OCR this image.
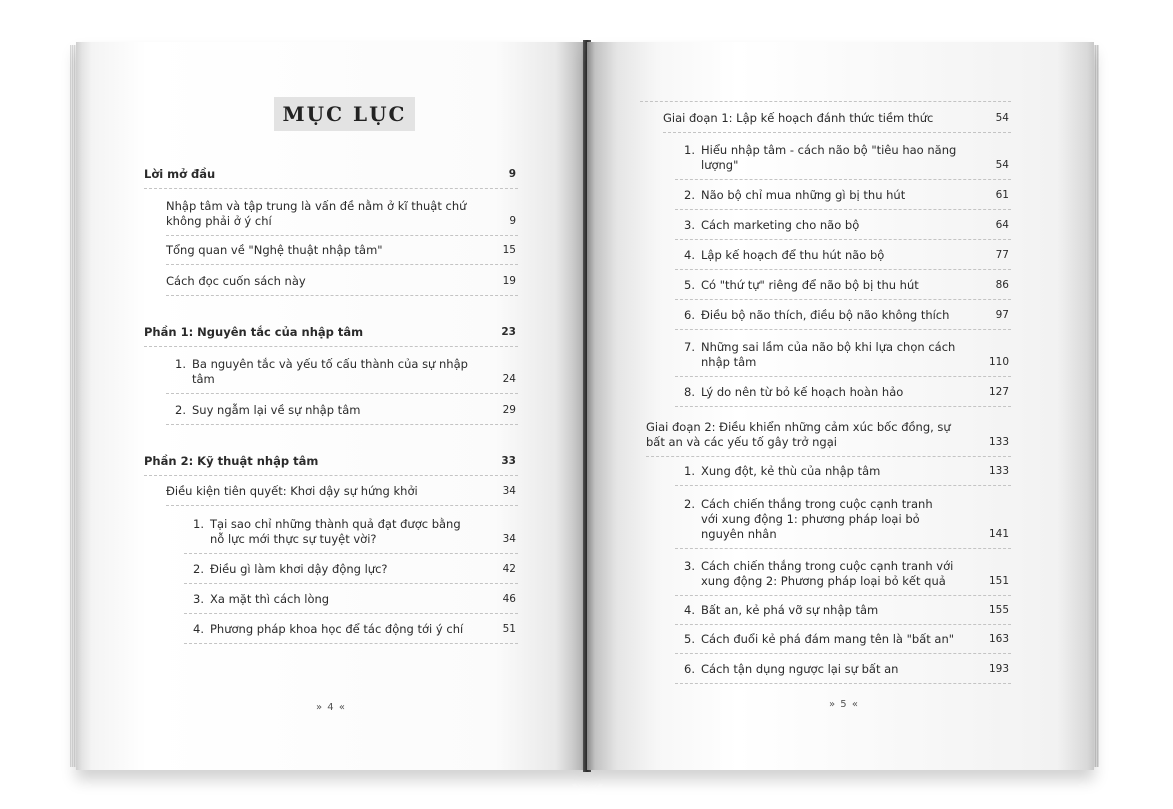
MỤC LỤC
Lời mở đầu	9
Nhập tâm và tập trung là vấn đề nằm ở kĩ thuật chứ không phải ở ý chí	9
Tổng quan về "Nghệ thuật nhập tâm"	15
Cách đọc cuốn sách này	19
Phần 1: Nguyên tắc của nhập tâm	23
1. Ba nguyên tắc và yếu tố cấu thành của sự nhập tâm	24
2. Suy ngẫm lại về sự nhập tâm	29
Phần 2: Kỹ thuật nhập tâm	33
Điều kiện tiên quyết: Khơi dậy sự hứng khởi	34
1. Tại sao chỉ những thành quả đạt được bằng nỗ lực mới thực sự tuyệt vời?	34
2. Điều gì làm khơi dậy động lực?	42
3. Xa mặt thì cách lòng	46
4. Phương pháp khoa học để tác động tới ý chí	51
» 4 «
Giai đoạn 1: Lập kế hoạch đánh thức tiềm thức	54
1. Hiểu nhập tâm - cách não bộ "tiêu hao năng lượng"	54
2. Não bộ chỉ mua những gì bị thu hút	61
3. Cách marketing cho não bộ	64
4. Lập kế hoạch để thu hút não bộ	77
5. Có "thứ tự" riêng để não bộ bị thu hút	86
6. Điều bộ não thích, điều bộ não không thích	97
7. Những sai lầm của não bộ khi lựa chọn cách nhập tâm	110
8. Lý do nên từ bỏ kế hoạch hoàn hảo	127
Giai đoạn 2: Điều khiển những cảm xúc bốc đồng, sự bất an và các yếu tố gây trở ngại	133
1. Xung đột, kẻ thù của nhập tâm	133
2. Cách chiến thắng trong cuộc cạnh tranh với xung động 1: phương pháp loại bỏ nguyên nhân	141
3. Cách chiến thắng trong cuộc cạnh tranh với xung động 2: Phương pháp loại bỏ kết quả	151
4. Bất an, kẻ phá vỡ sự nhập tâm	155
5. Cách đuổi kẻ phá đám mang tên là "bất an"	163
6. Cách tận dụng ngược lại sự bất an	193
» 5 «
